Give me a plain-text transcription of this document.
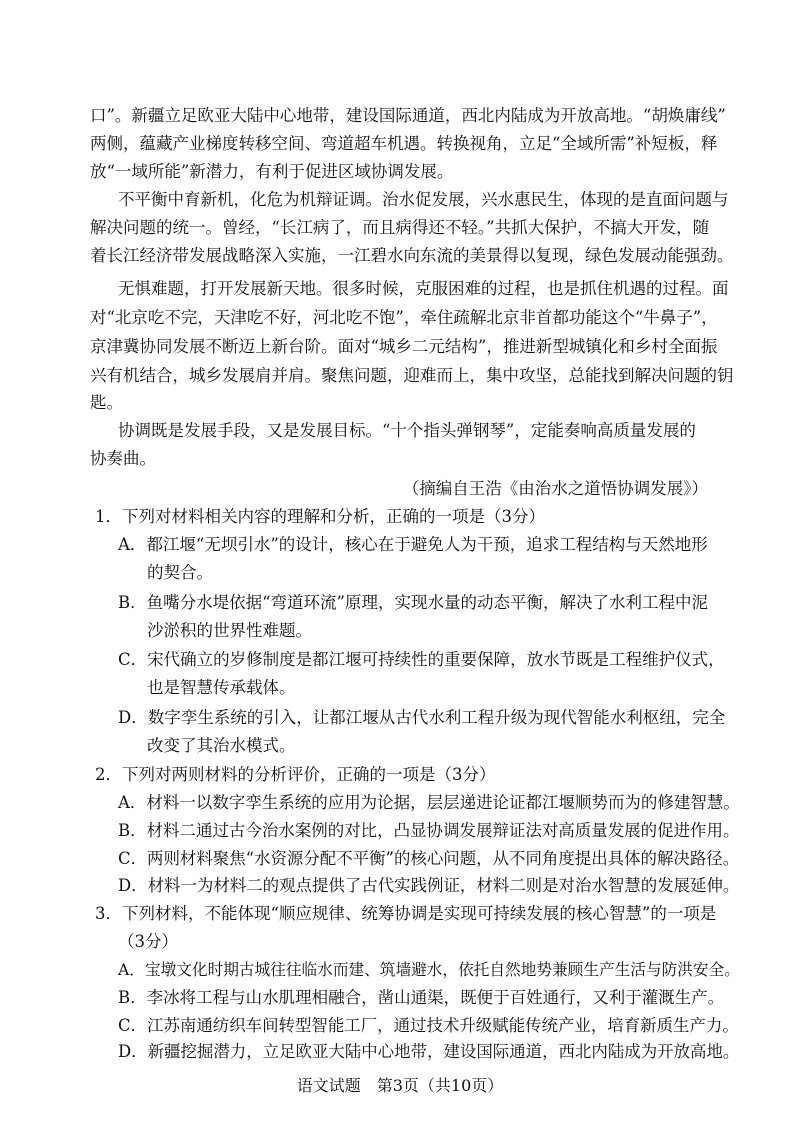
口”。新疆立足欧亚大陆中心地带，建设国际通道，西北内陆成为开放高地。“胡焕庸线”
两侧，蕴藏产业梯度转移空间、弯道超车机遇。转换视角，立足“全域所需”补短板，释
放“一域所能”新潜力，有利于促进区域协调发展。
不平衡中育新机，化危为机辩证调。治水促发展，兴水惠民生，体现的是直面问题与
解决问题的统一。曾经，“长江病了，而且病得还不轻。”共抓大保护，不搞大开发，随
着长江经济带发展战略深入实施，一江碧水向东流的美景得以复现，绿色发展动能强劲。
无惧难题，打开发展新天地。很多时候，克服困难的过程，也是抓住机遇的过程。面
对“北京吃不完，天津吃不好，河北吃不饱”，牵住疏解北京非首都功能这个“牛鼻子”，
京津冀协同发展不断迈上新台阶。面对“城乡二元结构”，推进新型城镇化和乡村全面振
兴有机结合，城乡发展肩并肩。聚焦问题，迎难而上，集中攻坚，总能找到解决问题的钥
匙。
协调既是发展手段，又是发展目标。“十个指头弹钢琴”，定能奏响高质量发展的
协奏曲。
（摘编自王浩《由治水之道悟协调发展》）
1．下列对材料相关内容的理解和分析，正确的一项是（3分）
A．都江堰“无坝引水”的设计，核心在于避免人为干预，追求工程结构与天然地形
的契合。
B．鱼嘴分水堤依据“弯道环流”原理，实现水量的动态平衡，解决了水利工程中泥
沙淤积的世界性难题。
C．宋代确立的岁修制度是都江堰可持续性的重要保障，放水节既是工程维护仪式，
也是智慧传承载体。
D．数字孪生系统的引入，让都江堰从古代水利工程升级为现代智能水利枢纽，完全
改变了其治水模式。
2．下列对两则材料的分析评价，正确的一项是（3分）
A．材料一以数字孪生系统的应用为论据，层层递进论证都江堰顺势而为的修建智慧。
B．材料二通过古今治水案例的对比，凸显协调发展辩证法对高质量发展的促进作用。
C．两则材料聚焦“水资源分配不平衡”的核心问题，从不同角度提出具体的解决路径。
D．材料一为材料二的观点提供了古代实践例证，材料二则是对治水智慧的发展延伸。
3．下列材料，不能体现“顺应规律、统筹协调是实现可持续发展的核心智慧”的一项是
（3分）
A．宝墩文化时期古城往往临水而建、筑墙避水，依托自然地势兼顾生产生活与防洪安全。
B．李冰将工程与山水肌理相融合，凿山通渠，既便于百姓通行，又利于灌溉生产。
C．江苏南通纺织车间转型智能工厂，通过技术升级赋能传统产业，培育新质生产力。
D．新疆挖掘潜力，立足欧亚大陆中心地带，建设国际通道，西北内陆成为开放高地。
语文试题　第3页（共10页）
